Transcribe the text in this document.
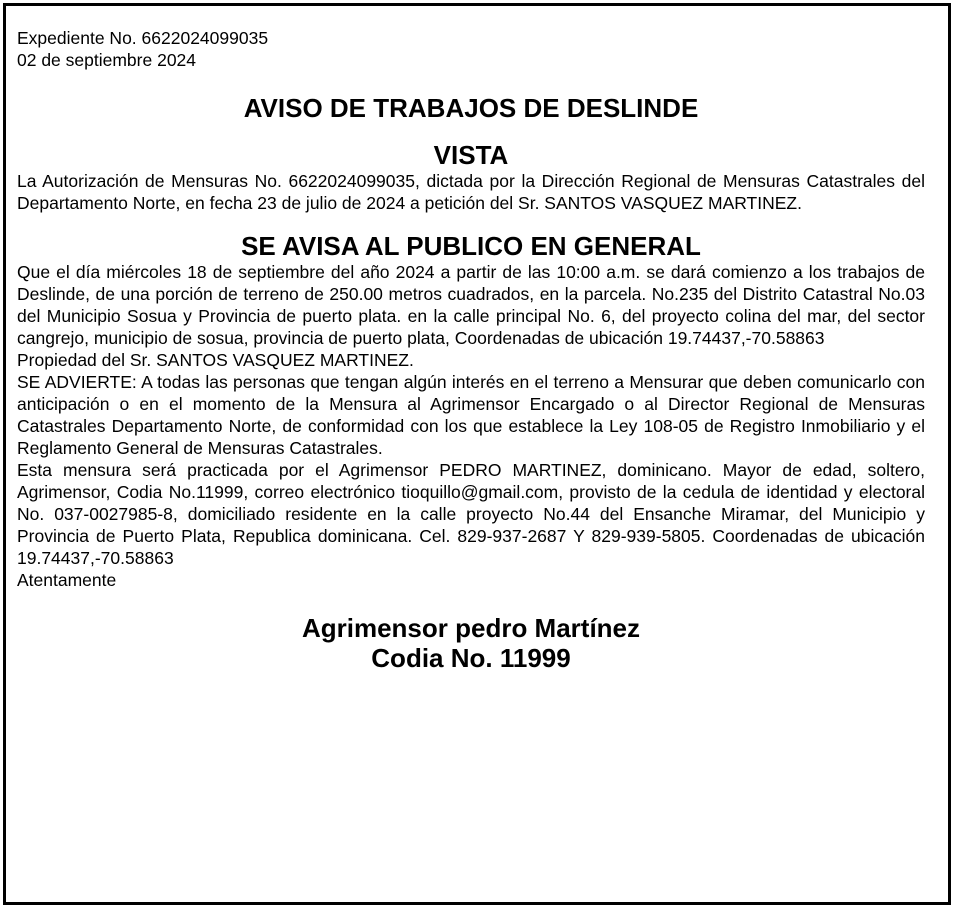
Expediente No. 6622024099035

02 de septiembre 2024

AVISO DE TRABAJOS DE DESLINDE
VISTA

La Autorización de Mensuras No. 6622024099035, dictada por la Dirección Regional de Mensuras Catastrales del Departamento Norte, en fecha 23 de julio de 2024 a petición del Sr. SANTOS VASQUEZ MARTINEZ.

SE AVISA AL PUBLICO EN GENERAL

Que el día miércoles 18 de septiembre del año 2024 a partir de las 10:00 a.m. se dará comienzo a los trabajos de Deslinde, de una porción de terreno de 250.00 metros cuadrados, en la parcela. No.235 del Distrito Catastral No.03 del Municipio Sosua y Provincia de puerto plata. en la calle principal No. 6, del proyecto colina del mar, del sector cangrejo, municipio de sosua, provincia de puerto plata, Coordenadas de ubicación 19.74437,-70.58863

Propiedad del Sr. SANTOS VASQUEZ MARTINEZ.

SE ADVIERTE: A todas las personas que tengan algún interés en el terreno a Mensurar que deben comunicarlo con anticipación o en el momento de la Mensura al Agrimensor Encargado o al Director Regional de Mensuras Catastrales Departamento Norte, de conformidad con los que establece la Ley 108-05 de Registro Inmobiliario y el Reglamento General de Mensuras Catastrales.

Esta mensura será practicada por el Agrimensor PEDRO MARTINEZ, dominicano. Mayor de edad, soltero, Agrimensor, Codia No.11999, correo electrónico tioquillo@gmail.com, provisto de la cedula de identidad y electoral No. 037-0027985-8, domiciliado residente en la calle proyecto No.44 del Ensanche Miramar, del Municipio y Provincia de Puerto Plata, Republica dominicana. Cel. 829-937-2687 Y 829-939-5805. Coordenadas de ubicación 19.74437,-70.58863

Atentamente

Agrimensor pedro Martínez

Codia No. 11999
